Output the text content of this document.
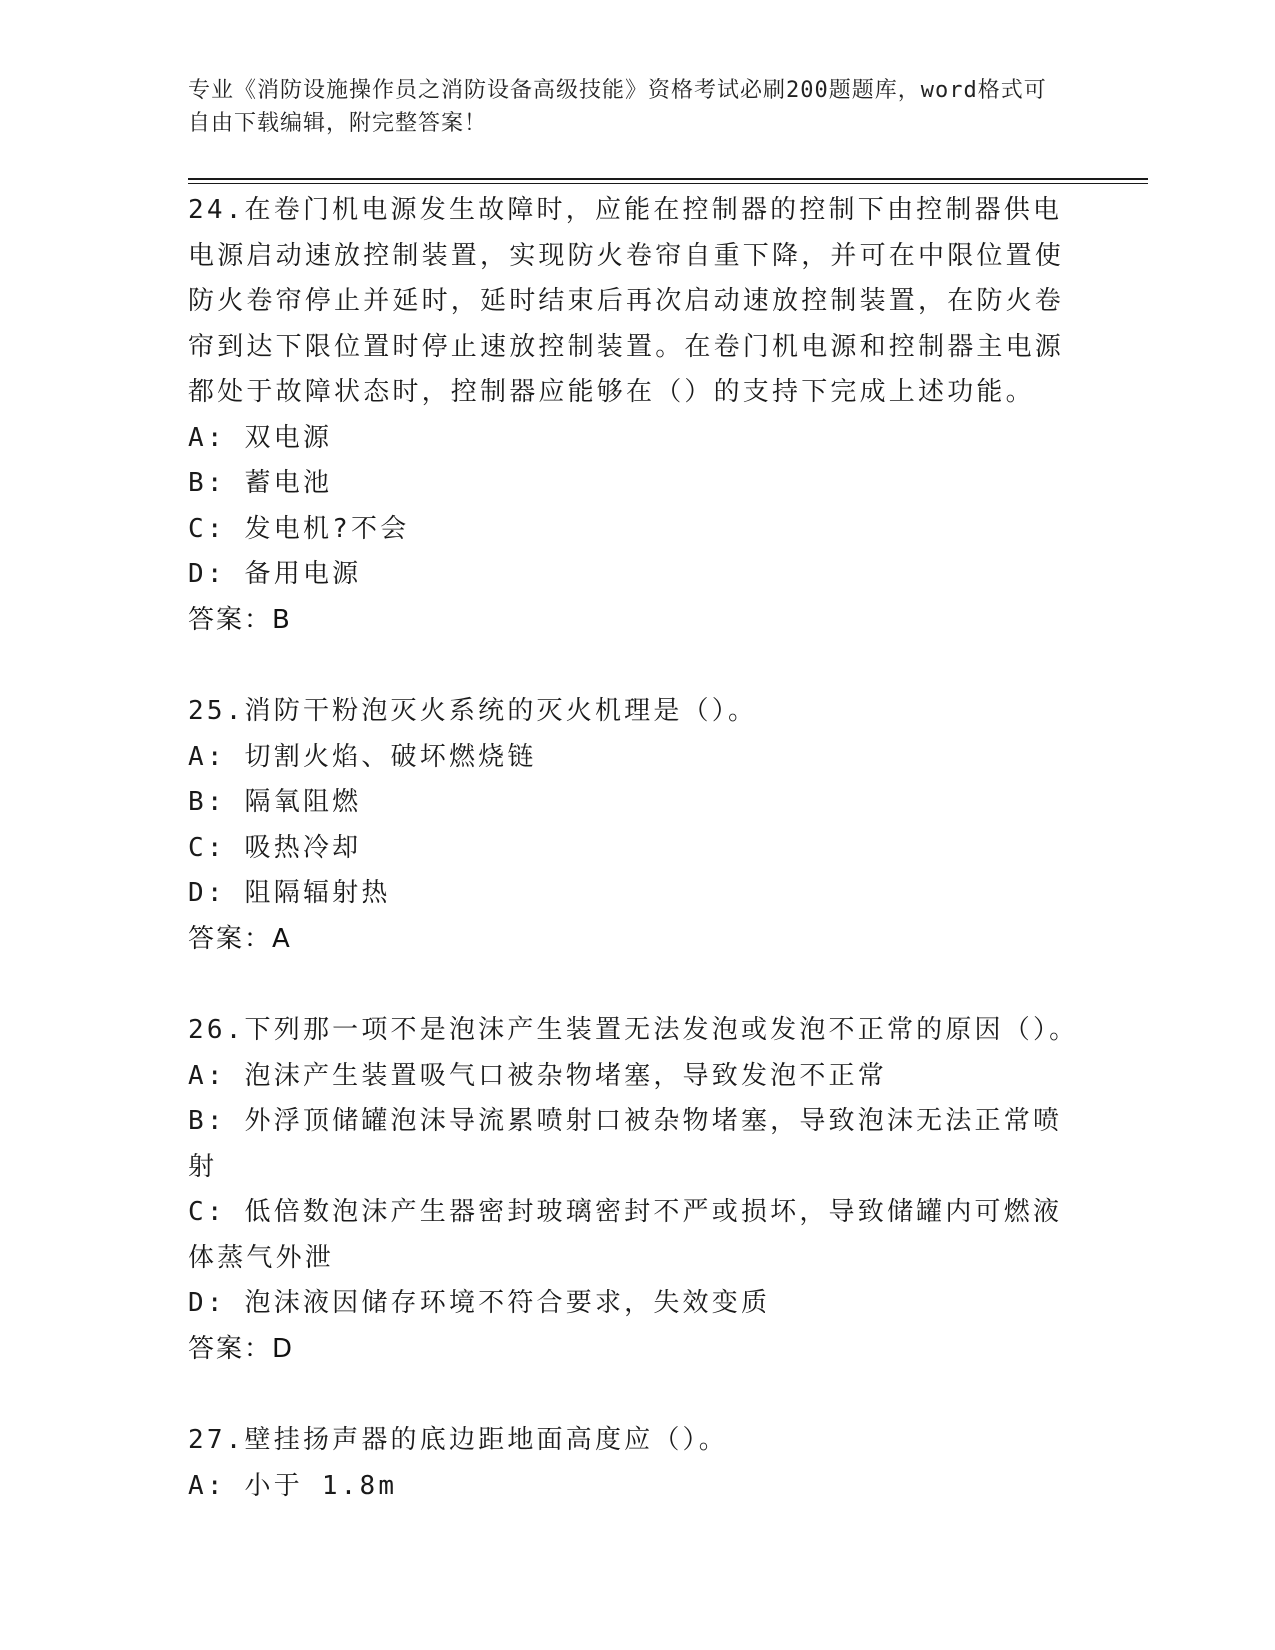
专业《消防设施操作员之消防设备高级技能》资格考试必刷200题题库，word格式可自由下载编辑，附完整答案！

24.在卷门机电源发生故障时，应能在控制器的控制下由控制器供电电源启动速放控制装置，实现防火卷帘自重下降，并可在中限位置使防火卷帘停止并延时，延时结束后再次启动速放控制装置，在防火卷帘到达下限位置时停止速放控制装置。在卷门机电源和控制器主电源都处于故障状态时，控制器应能够在（）的支持下完成上述功能。

A: 双电源

B: 蓄电池

C: 发电机?不会

D: 备用电源

答案：B

25.消防干粉泡灭火系统的灭火机理是（）。

A: 切割火焰、破坏燃烧链

B: 隔氧阻燃

C: 吸热冷却

D: 阻隔辐射热

答案：A

26.下列那一项不是泡沫产生装置无法发泡或发泡不正常的原因（）。

A: 泡沫产生装置吸气口被杂物堵塞，导致发泡不正常

B: 外浮顶储罐泡沫导流累喷射口被杂物堵塞，导致泡沫无法正常喷射

C: 低倍数泡沫产生器密封玻璃密封不严或损坏，导致储罐内可燃液体蒸气外泄

D: 泡沫液因储存环境不符合要求，失效变质

答案：D

27.壁挂扬声器的底边距地面高度应（）。

A: 小于 1.8m
